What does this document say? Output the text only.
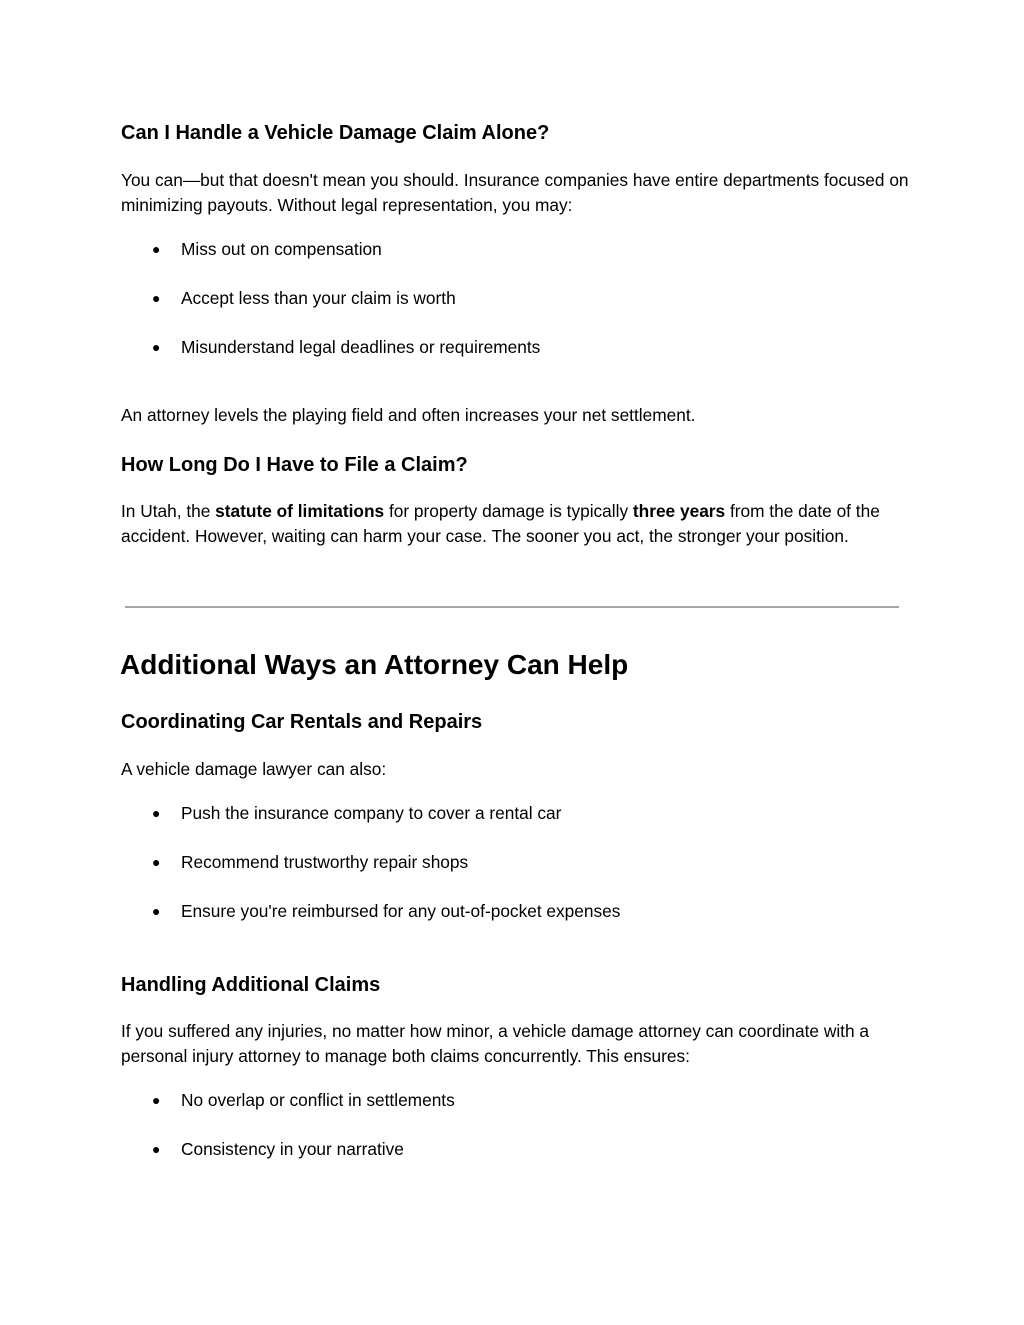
Can I Handle a Vehicle Damage Claim Alone?

You can—but that doesn't mean you should. Insurance companies have entire departments focused on minimizing payouts. Without legal representation, you may:

● Miss out on compensation
● Accept less than your claim is worth
● Misunderstand legal deadlines or requirements

An attorney levels the playing field and often increases your net settlement.

How Long Do I Have to File a Claim?

In Utah, the statute of limitations for property damage is typically three years from the date of the accident. However, waiting can harm your case. The sooner you act, the stronger your position.

Additional Ways an Attorney Can Help
Coordinating Car Rentals and Repairs

A vehicle damage lawyer can also:

● Push the insurance company to cover a rental car
● Recommend trustworthy repair shops
● Ensure you're reimbursed for any out-of-pocket expenses
Handling Additional Claims

If you suffered any injuries, no matter how minor, a vehicle damage attorney can coordinate with a personal injury attorney to manage both claims concurrently. This ensures:

● No overlap or conflict in settlements
● Consistency in your narrative
